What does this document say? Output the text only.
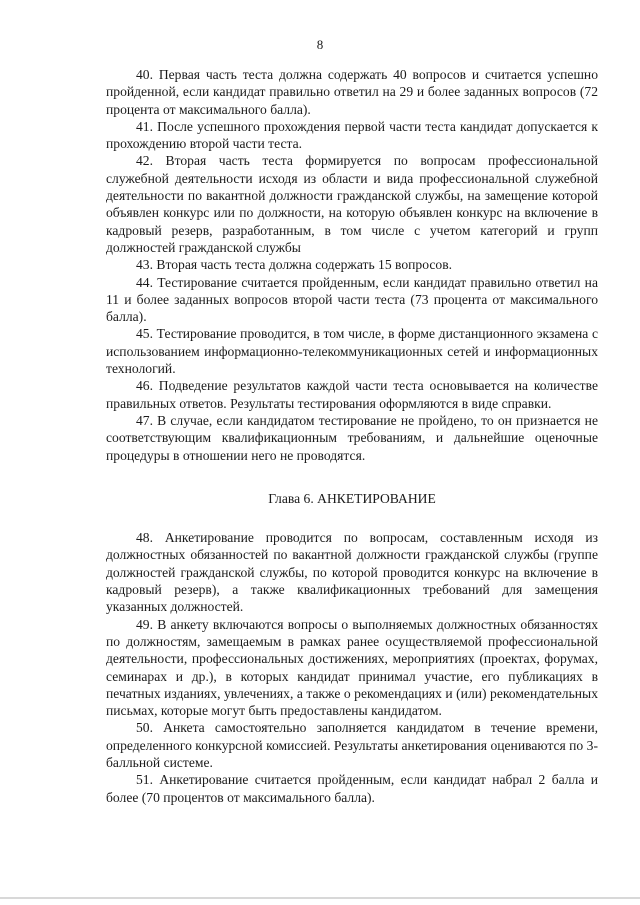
8

40. Первая часть теста должна содержать 40 вопросов и считается успешно пройденной, если кандидат правильно ответил на 29 и более заданных вопросов (72 процента от максимального балла).

41. После успешного прохождения первой части теста кандидат допускается к прохождению второй части теста.

42. Вторая часть теста формируется по вопросам профессиональной служебной деятельности исходя из области и вида профессиональной служебной деятельности по вакантной должности гражданской службы, на замещение которой объявлен конкурс или по должности, на которую объявлен конкурс на включение в кадровый резерв, разработанным, в том числе с учетом категорий и групп должностей гражданской службы

43. Вторая часть теста должна содержать 15 вопросов.

44. Тестирование считается пройденным, если кандидат правильно ответил на 11 и более заданных вопросов второй части теста (73 процента от максимального балла).

45. Тестирование проводится, в том числе, в форме дистанционного экзамена с использованием информационно-телекоммуникационных сетей и информационных технологий.

46. Подведение результатов каждой части теста основывается на количестве правильных ответов. Результаты тестирования оформляются в виде справки.

47. В случае, если кандидатом тестирование не пройдено, то он признается не соответствующим квалификационным требованиям, и дальнейшие оценочные процедуры в отношении него не проводятся.

Глава 6. АНКЕТИРОВАНИЕ

48. Анкетирование проводится по вопросам, составленным исходя из должностных обязанностей по вакантной должности гражданской службы (группе должностей гражданской службы, по которой проводится конкурс на включение в кадровый резерв), а также квалификационных требований для замещения указанных должностей.

49. В анкету включаются вопросы о выполняемых должностных обязанностях по должностям, замещаемым в рамках ранее осуществляемой профессиональной деятельности, профессиональных достижениях, мероприятиях (проектах, форумах, семинарах и др.), в которых кандидат принимал участие, его публикациях в печатных изданиях, увлечениях, а также о рекомендациях и (или) рекомендательных письмах, которые могут быть предоставлены кандидатом.

50. Анкета самостоятельно заполняется кандидатом в течение времени, определенного конкурсной комиссией. Результаты анкетирования оцениваются по 3-балльной системе.

51. Анкетирование считается пройденным, если кандидат набрал 2 балла и более (70 процентов от максимального балла).
